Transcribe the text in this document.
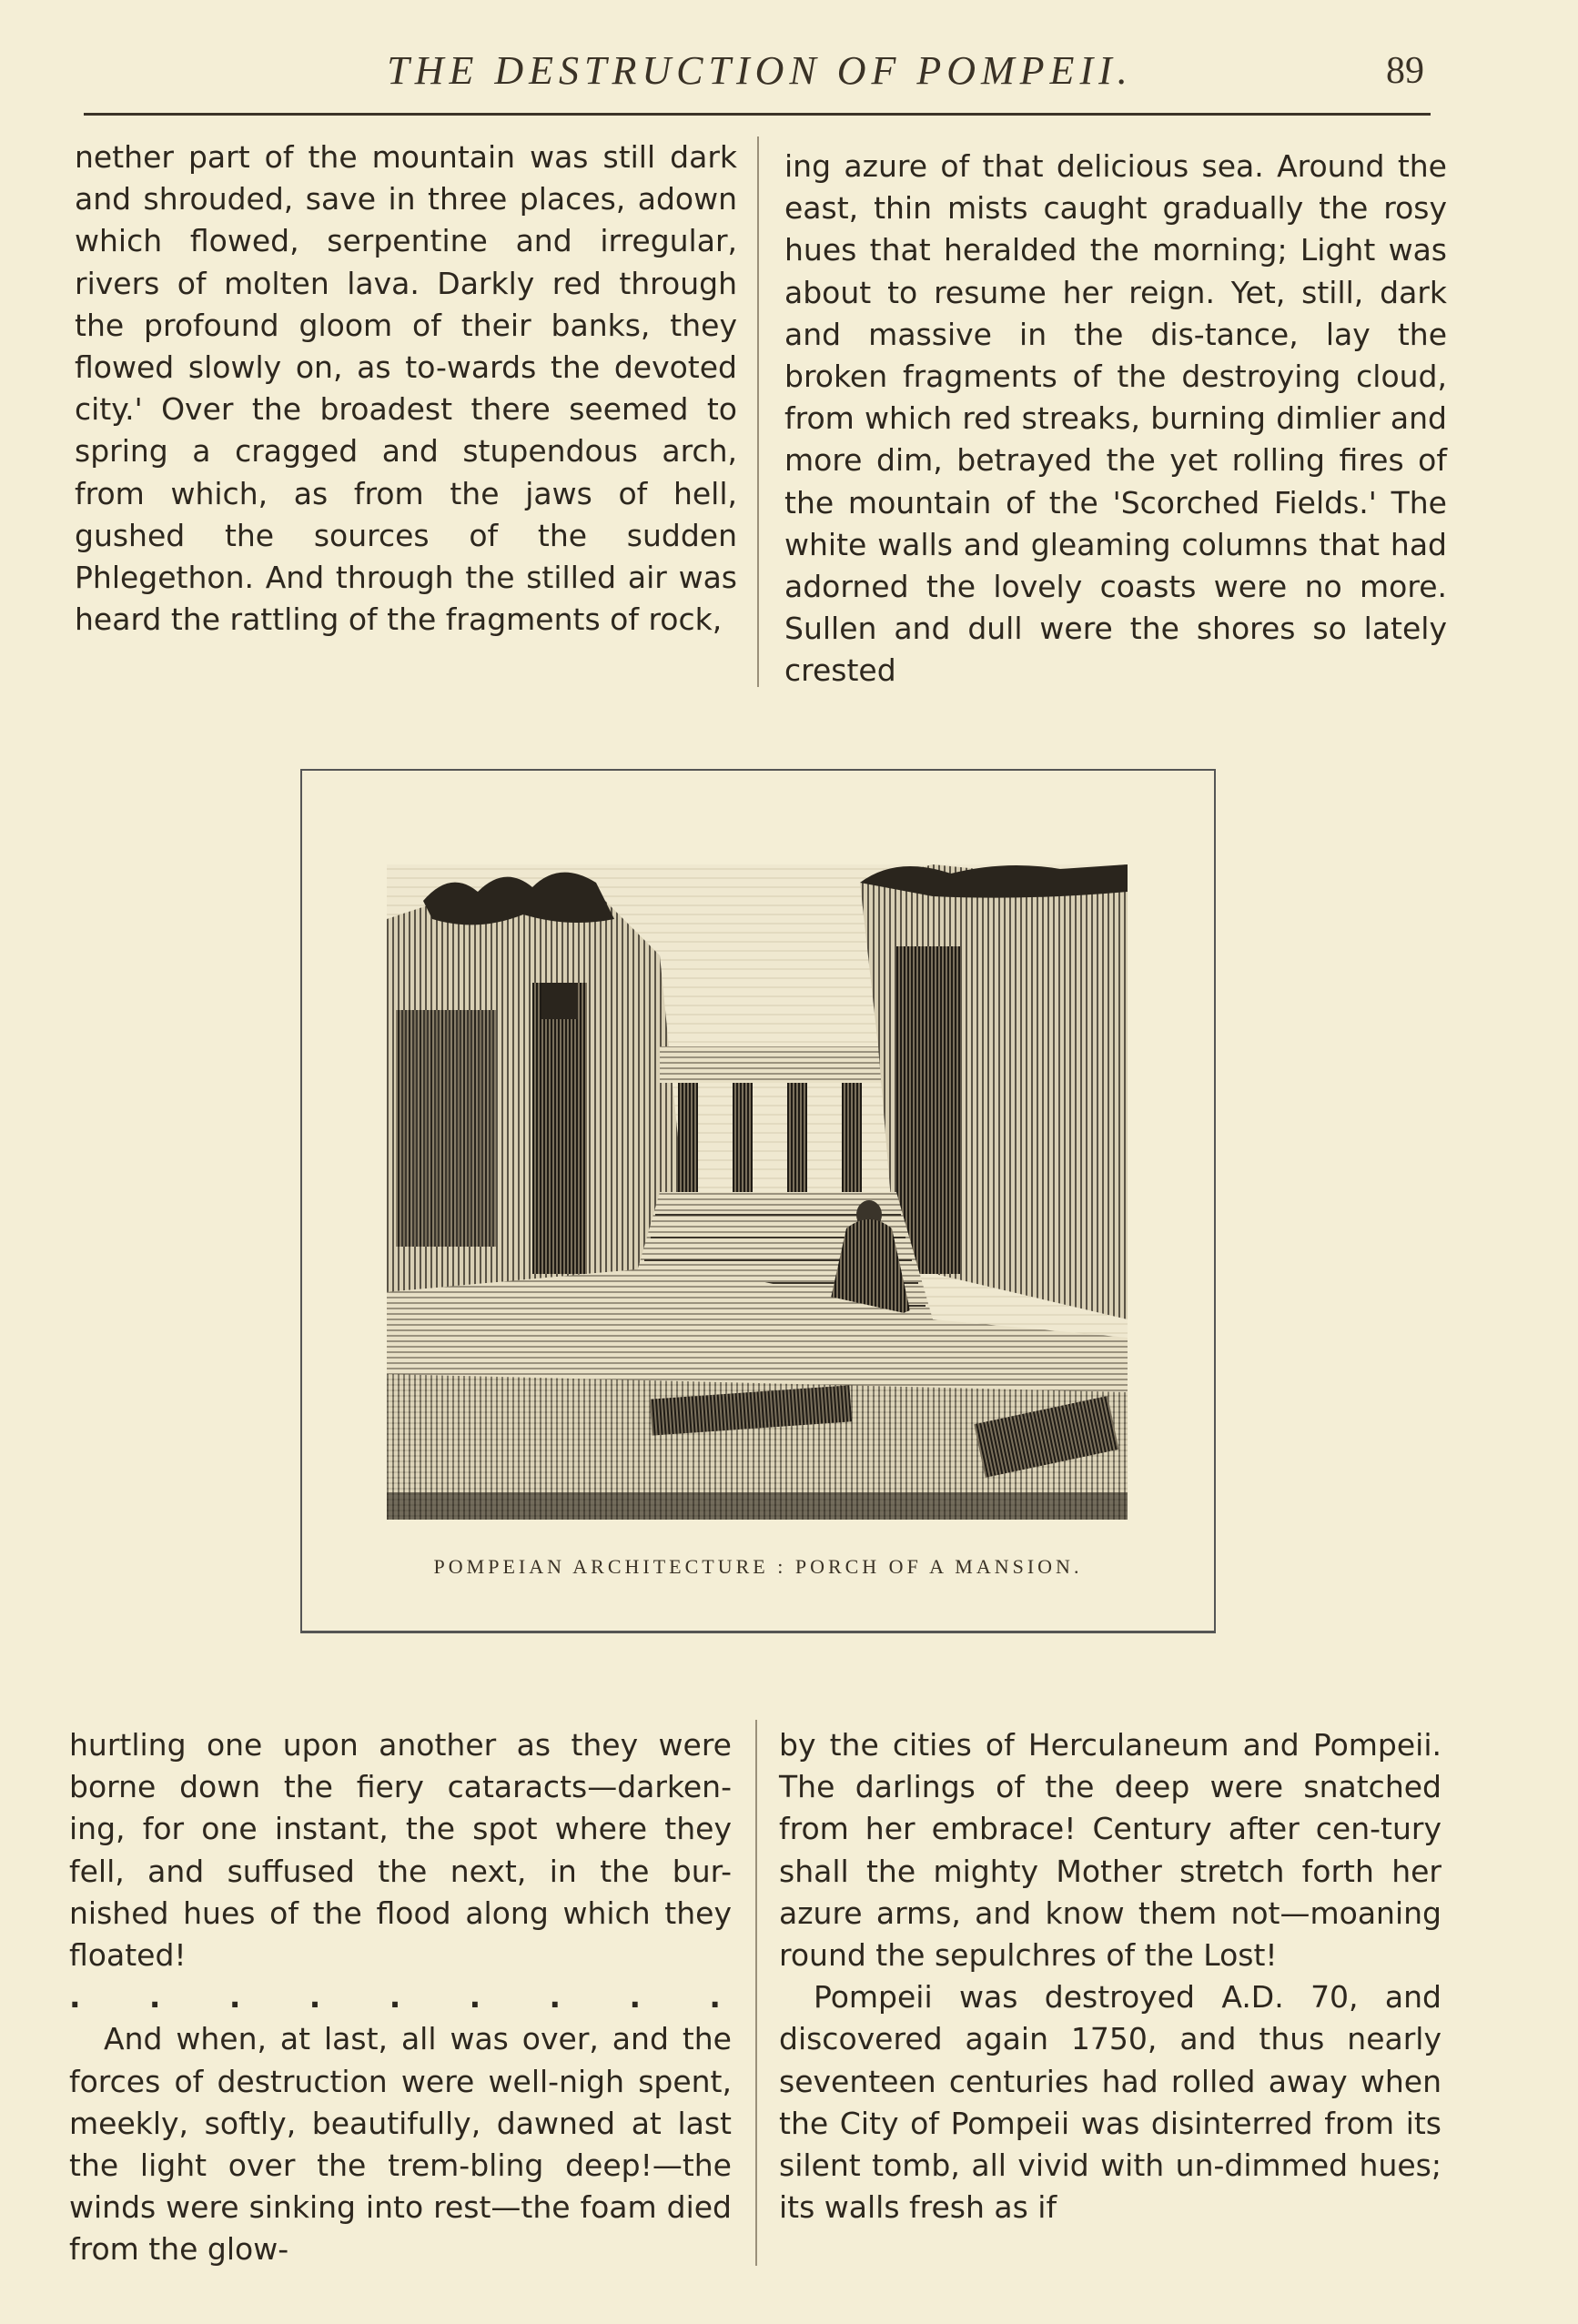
THE DESTRUCTION OF POMPEII.	89

nether part of the mountain was still dark and shrouded, save in three places, adown which flowed, serpentine and irregular, rivers of molten lava. Darkly red through the profound gloom of their banks, they flowed slowly on, as to-wards the devoted city.' Over the broadest there seemed to spring a cragged and stupendous arch, from which, as from the jaws of hell, gushed the sources of the sudden Phlegethon. And through the stilled air was heard the rattling of the fragments of rock,

ing azure of that delicious sea. Around the east, thin mists caught gradually the rosy hues that heralded the morning; Light was about to resume her reign. Yet, still, dark and massive in the dis-tance, lay the broken fragments of the destroying cloud, from which red streaks, burning dimlier and more dim, betrayed the yet rolling fires of the mountain of the 'Scorched Fields.' The white walls and gleaming columns that had adorned the lovely coasts were no more. Sullen and dull were the shores so lately crested

POMPEIAN ARCHITECTURE : PORCH OF A MANSION.

hurtling one upon another as they were borne down the fiery cataracts—darken-ing, for one instant, the spot where they fell, and suffused the next, in the bur-nished hues of the flood along which they floated!

. . . . . . . . .

And when, at last, all was over, and the forces of destruction were well-nigh spent, meekly, softly, beautifully, dawned at last the light over the trem-bling deep!—the winds were sinking into rest—the foam died from the glow-

by the cities of Herculaneum and Pompeii. The darlings of the deep were snatched from her embrace! Century after cen-tury shall the mighty Mother stretch forth her azure arms, and know them not—moaning round the sepulchres of the Lost!

Pompeii was destroyed A.D. 70, and discovered again 1750, and thus nearly seventeen centuries had rolled away when the City of Pompeii was disinterred from its silent tomb, all vivid with un-dimmed hues; its walls fresh as if
